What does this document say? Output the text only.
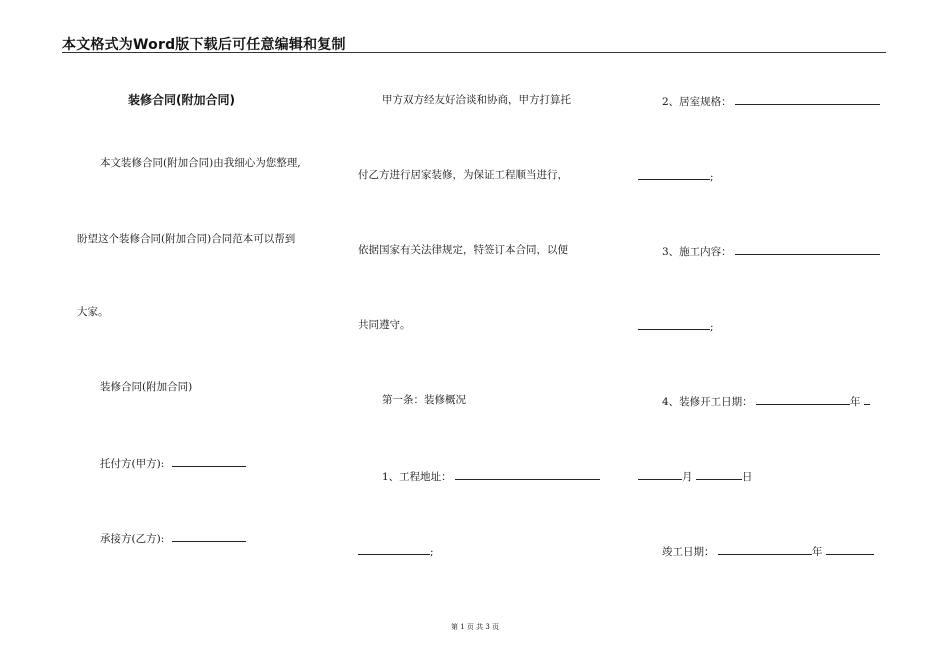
本文格式为Word版下载后可任意编辑和复制
装修合同(附加合同)
本文装修合同(附加合同)由我细心为您整理,
盼望这个装修合同(附加合同)合同范本可以帮到
大家。
装修合同(附加合同)
托付方(甲方):
承接方(乙方):
甲方双方经友好洽谈和协商，甲方打算托
付乙方进行居家装修，为保证工程顺当进行，
依据国家有关法律规定，特签订本合同，以便
共同遵守。
第一条：装修概况
1、工程地址：
;
2、居室规格：
;
3、施工内容：
;
4、装修开工日期：	年
月	日
竣工日期：	年
第 1 页 共 3 页
